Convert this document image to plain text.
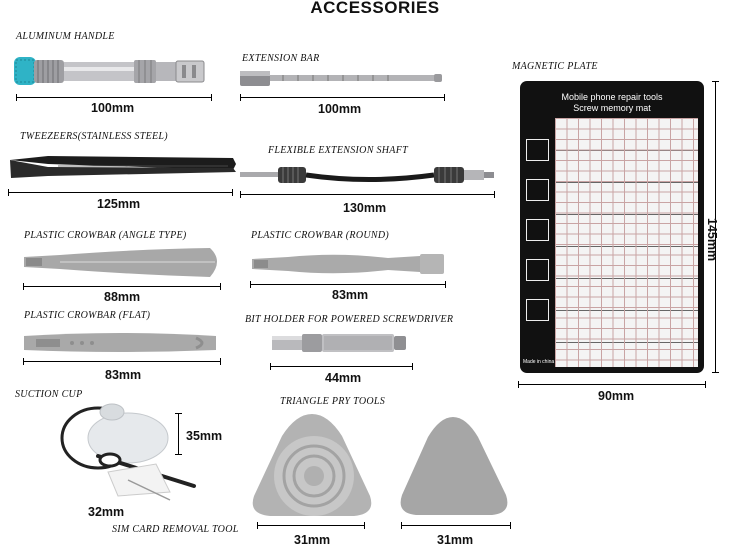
ACCESSORIES
ALUMINUM HANDLE
100mm
EXTENSION BAR
100mm
MAGNETIC PLATE
Mobile phone repair tools
Screw memory mat
Made in china
145mm
90mm
TWEEZEERS(STAINLESS STEEL)
125mm
FLEXIBLE EXTENSION SHAFT
130mm
PLASTIC CROWBAR (ANGLE TYPE)
88mm
PLASTIC CROWBAR (ROUND)
83mm
PLASTIC CROWBAR (FLAT)
83mm
BIT HOLDER FOR POWERED SCREWDRIVER
44mm
SUCTION CUP
35mm
32mm
SIM CARD REMOVAL TOOL
TRIANGLE PRY TOOLS
31mm	31mm
